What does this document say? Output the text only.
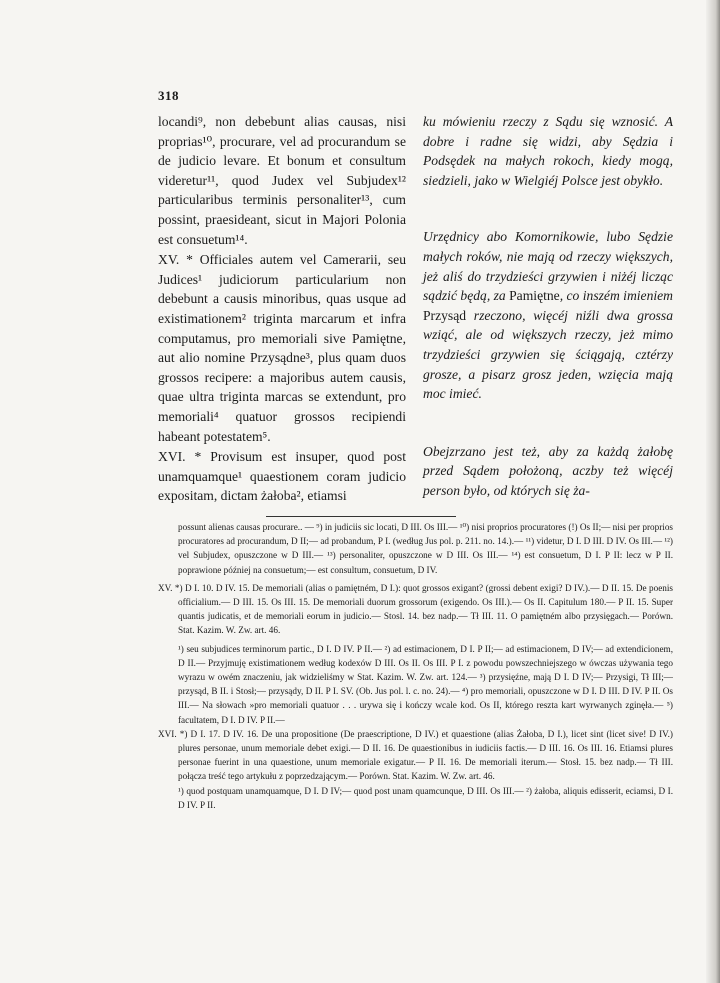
318

locandi⁹, non debebunt alias causas, nisi proprias¹⁰, procurare, vel ad procurandum se de judicio levare. Et bonum et consultum videretur¹¹, quod Judex vel Subjudex¹² particularibus terminis personaliter¹³, cum possint, praesideant, sicut in Majori Polonia est consuetum¹⁴.

XV. * Officiales autem vel Camerarii, seu Judices¹ judiciorum particularium non debebunt a causis minoribus, quas usque ad existimationem² triginta marcarum et infra computamus, pro memoriali sive Pamiętne, aut alio nomine Przysądne³, plus quam duos grossos recipere: a majoribus autem causis, quae ultra triginta marcas se extendunt, pro memoriali⁴ quatuor grossos recipiendi habeant potestatem⁵.

XVI. * Provisum est insuper, quod post unamquamque¹ quaestionem coram judicio expositam, dictam żałoba², etiamsi

ku mówieniu rzeczy z Sądu się wznosić. A dobre i radne się widzi, aby Sędzia i Podsędek na małych rokoch, kiedy mogą, siedzieli, jako w Wielgiéj Polsce jest obykło.

Urzędnicy abo Komornikowie, lubo Sędzie małych roków, nie mają od rzeczy większych, jeż aliś do trzydzieści grzywien i niżéj licząc sądzić będą, za Pamiętne, co inszém imieniem Przysąd rzeczono, więcéj niźli dwa grossa wziąć, ale od większych rzeczy, jeż mimo trzydzieści grzywien się ściągają, cztérzy grosze, a pisarz grosz jeden, wzięcia mają moc imieć.

Obejzrzano jest też, aby za każdą żałobę przed Sądem położoną, aczby też więcéj person było, od których się ża-

possunt alienas causas procurare.. — ⁹) in judiciis sic locati, D III. Os III.— ¹⁰) nisi proprios procuratores (!) Os II;— nisi per proprios procuratores ad procurandum, D II;— ad probandum, P I. (według Jus pol. p. 211. no. 14.).— ¹¹) videtur, D I. D III. D IV. Os III.— ¹²) vel Subjudex, opuszczone w D III.— ¹³) personaliter, opuszczone w D III. Os III.— ¹⁴) est consuetum, D I. P II: lecz w P II. poprawione później na consuetum;— est consultum, consuetum, D IV.

XV. *) D I. 10. D IV. 15. De memoriali (alias o pamiętném, D I.): quot grossos exigant? (grossi debent exigi? D IV.).— D II. 15. De poenis officialium.— D III. 15. Os III. 15. De memoriali duorum grossorum (exigendo. Os III.).— Os II. Capitulum 180.— P II. 15. Super quantis judicatis, et de memoriali eorum in judicio.— Stosl. 14. bez nadp.— Tł III. 11. O pamiętném albo przysięgach.— Porówn. Stat. Kazim. W. Zw. art. 46.

¹) seu subjudices terminorum partic., D I. D IV. P II.— ²) ad estimacionem, D I. P II;— ad estimacionem, D IV;— ad extendicionem, D II.— Przyjmuję existimationem według kodexów D III. Os II. Os III. P I. z powodu powszechniejszego w ówczas używania tego wyrazu w owém znaczeniu, jak widzieliśmy w Stat. Kazim. W. Zw. art. 124.— ³) przysięźne, mają D I. D IV;— Przysigi, Tł III;— przysąd, B II. i Stosł;— przysądy, D II. P I. SV. (Ob. Jus pol. l. c. no. 24).— ⁴) pro memoriali, opuszczone w D I. D III. D IV. P II. Os III.— Na słowach »pro memoriali quatuor . . . urywa się i kończy wcale kod. Os II, którego reszta kart wyrwanych zginęła.— ⁵) facultatem, D I. D IV. P II.—

XVI. *) D I. 17. D IV. 16. De una propositione (De praescriptione, D IV.) et quaestione (alias Żałoba, D I.), licet sint (licet sive! D IV.) plures personae, unum memoriale debet exigi.— D II. 16. De quaestionibus in iudiciis factis.— D III. 16. Os III. 16. Etiamsi plures personae fuerint in una quaestione, unum memoriale exigatur.— P II. 16. De memoriali iterum.— Stosł. 15. bez nadp.— Tł III. połącza treść tego artykułu z poprzedzającym.— Porówn. Stat. Kazim. W. Zw. art. 46.

¹) quod postquam unamquamque, D I. D IV;— quod post unam quamcunque, D III. Os III.— ²) żałoba, aliquis edisserit, eciamsi, D I. D IV. P II.
